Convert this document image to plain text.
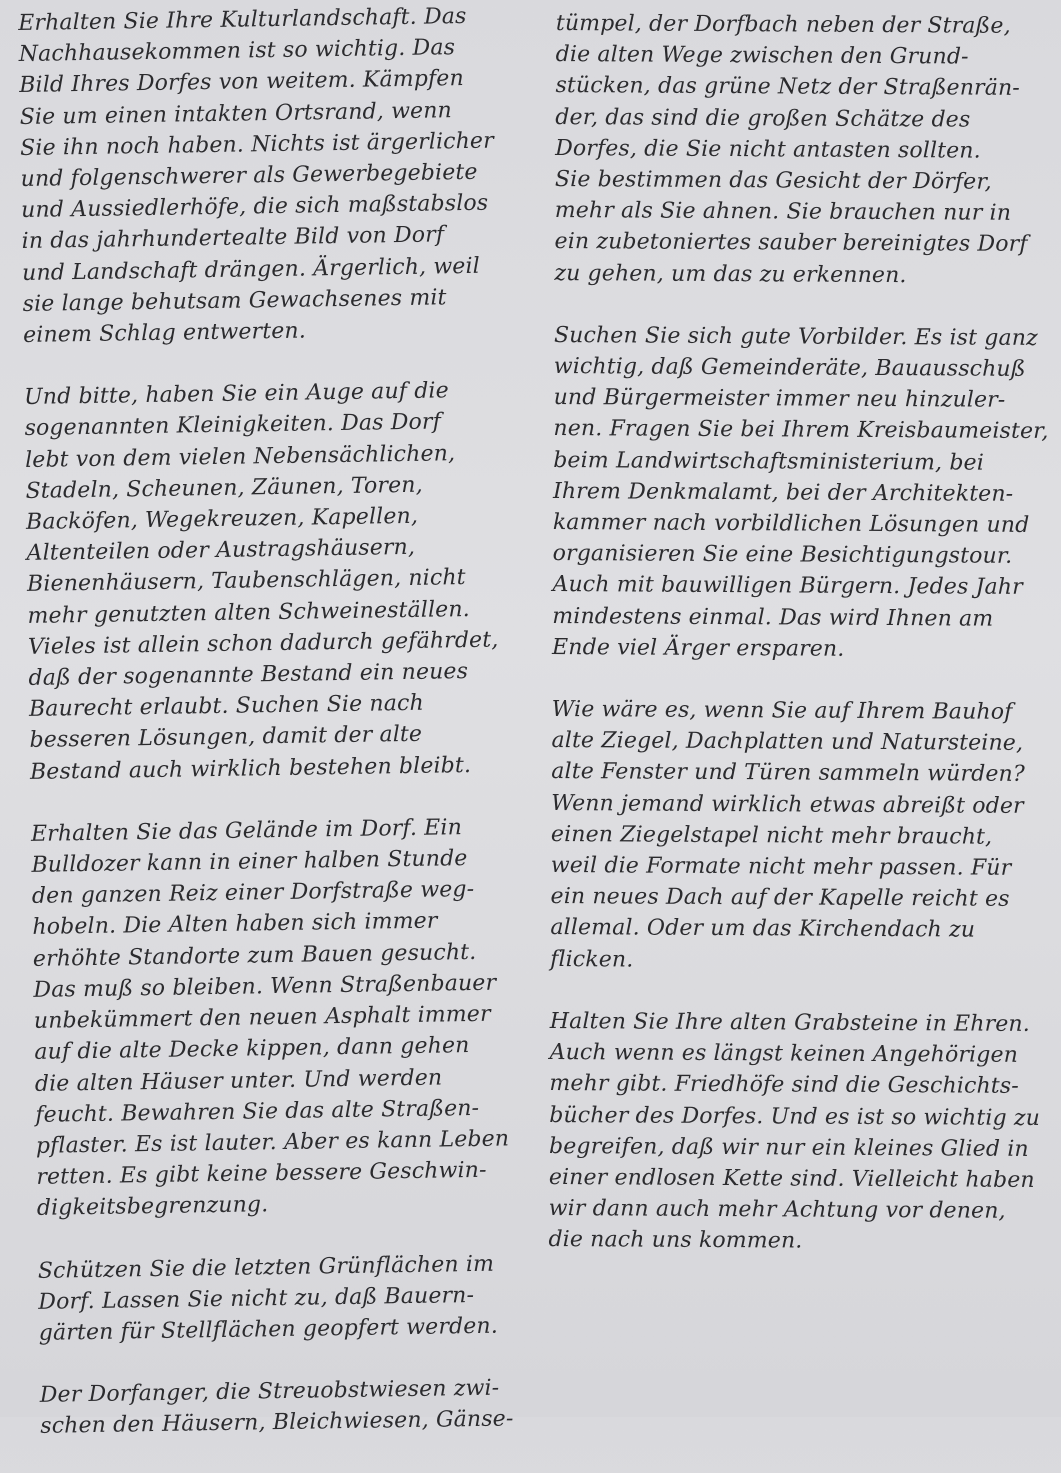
Erhalten Sie Ihre Kulturlandschaft. Das
Nachhausekommen ist so wichtig. Das
Bild Ihres Dorfes von weitem. Kämpfen
Sie um einen intakten Ortsrand, wenn
Sie ihn noch haben. Nichts ist ärgerlicher
und folgenschwerer als Gewerbegebiete
und Aussiedlerhöfe, die sich maßstabslos
in das jahrhundertealte Bild von Dorf
und Landschaft drängen. Ärgerlich, weil
sie lange behutsam Gewachsenes mit
einem Schlag entwerten.
Und bitte, haben Sie ein Auge auf die
sogenannten Kleinigkeiten. Das Dorf
lebt von dem vielen Nebensächlichen,
Stadeln, Scheunen, Zäunen, Toren,
Backöfen, Wegekreuzen, Kapellen,
Altenteilen oder Austragshäusern,
Bienenhäusern, Taubenschlägen, nicht
mehr genutzten alten Schweineställen.
Vieles ist allein schon dadurch gefährdet,
daß der sogenannte Bestand ein neues
Baurecht erlaubt. Suchen Sie nach
besseren Lösungen, damit der alte
Bestand auch wirklich bestehen bleibt.
Erhalten Sie das Gelände im Dorf. Ein
Bulldozer kann in einer halben Stunde
den ganzen Reiz einer Dorfstraße weg-
hobeln. Die Alten haben sich immer
erhöhte Standorte zum Bauen gesucht.
Das muß so bleiben. Wenn Straßenbauer
unbekümmert den neuen Asphalt immer
auf die alte Decke kippen, dann gehen
die alten Häuser unter. Und werden
feucht. Bewahren Sie das alte Straßen-
pflaster. Es ist lauter. Aber es kann Leben
retten. Es gibt keine bessere Geschwin-
digkeitsbegrenzung.
Schützen Sie die letzten Grünflächen im
Dorf. Lassen Sie nicht zu, daß Bauern-
gärten für Stellflächen geopfert werden.
Der Dorfanger, die Streuobstwiesen zwi-
schen den Häusern, Bleichwiesen, Gänse-
tümpel, der Dorfbach neben der Straße,
die alten Wege zwischen den Grund-
stücken, das grüne Netz der Straßenrän-
der, das sind die großen Schätze des
Dorfes, die Sie nicht antasten sollten.
Sie bestimmen das Gesicht der Dörfer,
mehr als Sie ahnen. Sie brauchen nur in
ein zubetoniertes sauber bereinigtes Dorf
zu gehen, um das zu erkennen.
Suchen Sie sich gute Vorbilder. Es ist ganz
wichtig, daß Gemeinderäte, Bauausschuß
und Bürgermeister immer neu hinzuler-
nen. Fragen Sie bei Ihrem Kreisbaumeister,
beim Landwirtschaftsministerium, bei
Ihrem Denkmalamt, bei der Architekten-
kammer nach vorbildlichen Lösungen und
organisieren Sie eine Besichtigungstour.
Auch mit bauwilligen Bürgern. Jedes Jahr
mindestens einmal. Das wird Ihnen am
Ende viel Ärger ersparen.
Wie wäre es, wenn Sie auf Ihrem Bauhof
alte Ziegel, Dachplatten und Natursteine,
alte Fenster und Türen sammeln würden?
Wenn jemand wirklich etwas abreißt oder
einen Ziegelstapel nicht mehr braucht,
weil die Formate nicht mehr passen. Für
ein neues Dach auf der Kapelle reicht es
allemal. Oder um das Kirchendach zu
flicken.
Halten Sie Ihre alten Grabsteine in Ehren.
Auch wenn es längst keinen Angehörigen
mehr gibt. Friedhöfe sind die Geschichts-
bücher des Dorfes. Und es ist so wichtig zu
begreifen, daß wir nur ein kleines Glied in
einer endlosen Kette sind. Vielleicht haben
wir dann auch mehr Achtung vor denen,
die nach uns kommen.
